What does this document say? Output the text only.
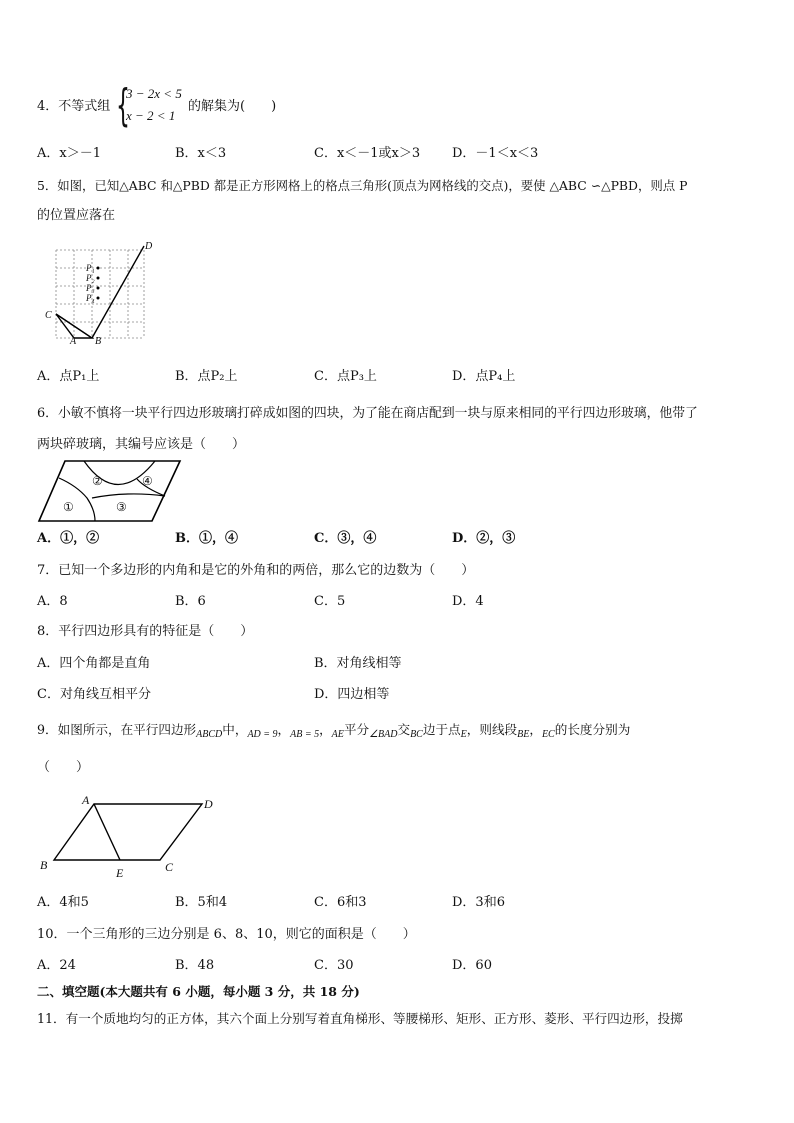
4．不等式组 {
3 − 2x < 5
x − 2 < 1
的解集为(　　)
A．x＞－1	B．x＜3	C．x＜－1或x＞3 D．－1＜x＜3
5．如图，已知△ABC 和△PBD 都是正方形网格上的格点三角形(顶点为网格线的交点)，要使 △ABC ∽△PBD，则点 P
的位置应落在
C
A B
D
P₁
P₂
P₃
P₄
A．点P₁上	B．点P₂上	C．点P₃上	D．点P₄上
6．小敏不慎将一块平行四边形玻璃打碎成如图的四块，为了能在商店配到一块与原来相同的平行四边形玻璃，他带了
两块碎玻璃，其编号应该是（　　）
②	④
①	③
A．①，②	B．①，④	C．③，④	D．②，③
7．已知一个多边形的内角和是它的外角和的两倍，那么它的边数为（　　）
A．8	B．6	C．5	D．4
8．平行四边形具有的特征是（　　）
A．四个角都是直角	B．对角线相等
C．对角线互相平分	D．四边相等
9．如图所示，在平行四边形$_{ABCD}$中，$_{AD = 9}$，$_{AB = 5}$，$_{AE}$平分$_{\angle BAD}$交$_{BC}$边于点$_E$，则线段$_{BE}$，$_{EC}$的长度分别为
（　　）
A	D
B
E	C
A．4和5	B．5和4	C．6和3	D．3和6
10．一个三角形的三边分别是 6、8、10，则它的面积是（　　）
A．24	B．48	C．30	D．60
二、填空题(本大题共有 6 小题，每小题 3 分，共 18 分)
11．有一个质地均匀的正方体，其六个面上分别写着直角梯形、等腰梯形、矩形、正方形、菱形、平行四边形，投掷
